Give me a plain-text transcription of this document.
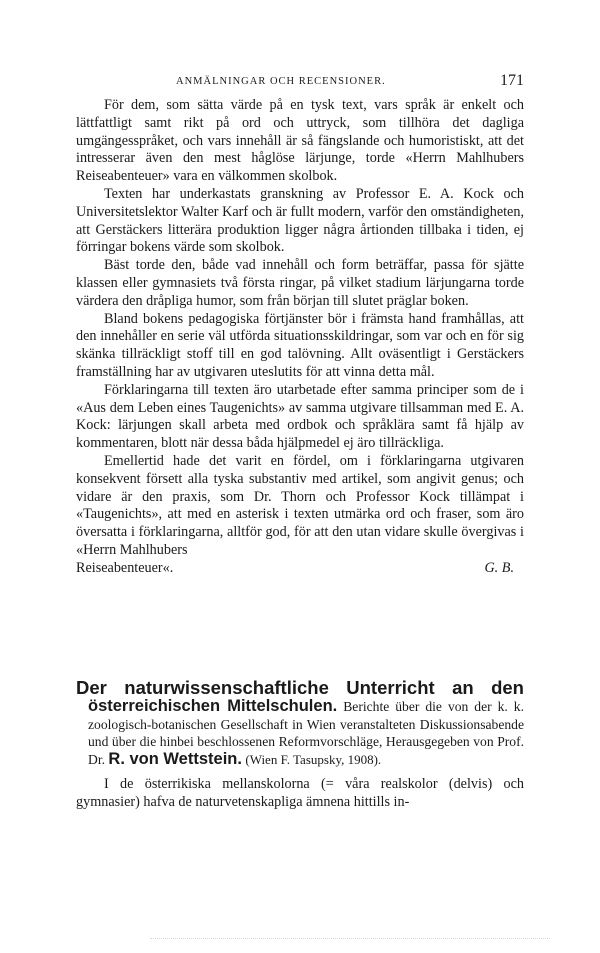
ANMÄLNINGAR OCH RECENSIONER.	171

För dem, som sätta värde på en tysk text, vars språk är enkelt och lättfattligt samt rikt på ord och uttryck, som tillhöra det dagliga umgängesspråket, och vars innehåll är så fängslande och humoristiskt, att det intresserar även den mest håglöse lärjunge, torde «Herrn Mahlhubers Reiseabenteuer» vara en välkommen skolbok.

Texten har underkastats granskning av Professor E. A. Kock och Universitetslektor Walter Karf och är fullt modern, varför den omständigheten, att Gerstäckers litterära produktion ligger några årtionden tillbaka i tiden, ej förringar bokens värde som skolbok.

Bäst torde den, både vad innehåll och form beträffar, passa för sjätte klassen eller gymnasiets två första ringar, på vilket stadium lärjungarna torde värdera den dråpliga humor, som från början till slutet präglar boken.

Bland bokens pedagogiska förtjänster bör i främsta hand framhållas, att den innehåller en serie väl utförda situationsskildringar, som var och en för sig skänka tillräckligt stoff till en god talövning. Allt oväsentligt i Gerstäckers framställning har av utgivaren uteslutits för att vinna detta mål.

Förklaringarna till texten äro utarbetade efter samma principer som de i «Aus dem Leben eines Taugenichts» av samma utgivare tillsamman med E. A. Kock: lärjungen skall arbeta med ordbok och språklära samt få hjälp av kommentaren, blott när dessa båda hjälpmedel ej äro tillräckliga.

Emellertid hade det varit en fördel, om i förklaringarna utgivaren konsekvent försett alla tyska substantiv med artikel, som angivit genus; och vidare är den praxis, som Dr. Thorn och Professor Kock tillämpat i «Taugenichts», att med en asterisk i texten utmärka ord och fraser, som äro översatta i förklaringarna, alltför god, för att den utan vidare skulle övergivas i «Herrn Mahlhubers

Reiseabenteuer«.	G. B.
Der naturwissenschaftliche Unterricht an den

österreichischen Mittelschulen. Berichte über die von der k. k. zoologisch-botanischen Gesellschaft in Wien veranstalteten Diskussionsabende und über die hinbei beschlossenen Reformvorschläge, Herausgegeben von Prof. Dr. R. von Wettstein. (Wien F. Tasupsky, 1908).

I de österrikiska mellanskolorna (= våra realskolor (delvis) och gymnasier) hafva de naturvetenskapliga ämnena hittills in-
